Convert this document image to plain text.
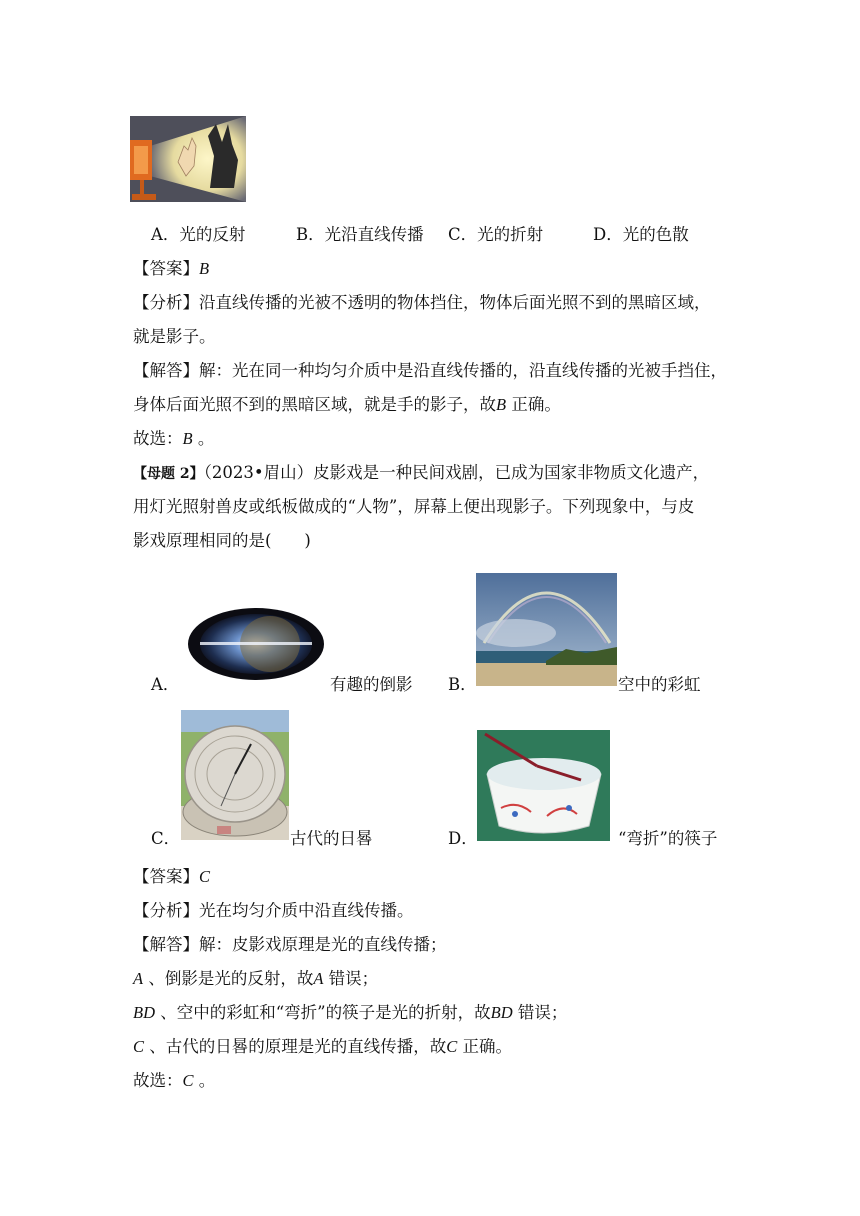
A．光的反射	B．光沿直线传播 C．光的折射	D．光的色散
【答案】B
【分析】沿直线传播的光被不透明的物体挡住，物体后面光照不到的黑暗区域，
就是影子。
【解答】解：光在同一种均匀介质中是沿直线传播的，沿直线传播的光被手挡住，
身体后面光照不到的黑暗区域，就是手的影子，故B 正确。
故选：B 。
【母题 2】（2023•眉山）皮影戏是一种民间戏剧，已成为国家非物质文化遗产，
用灯光照射兽皮或纸板做成的“人物”，屏幕上便出现影子。下列现象中，与皮
影戏原理相同的是(　　)
A．	有趣的倒影 B．	空中的彩虹
C．	古代的日晷	D．	“弯折”的筷子
【答案】C
【分析】光在均匀介质中沿直线传播。
【解答】解：皮影戏原理是光的直线传播；
A 、倒影是光的反射，故A 错误；
BD 、空中的彩虹和“弯折”的筷子是光的折射，故BD 错误；
C 、古代的日晷的原理是光的直线传播，故C 正确。
故选：C 。
